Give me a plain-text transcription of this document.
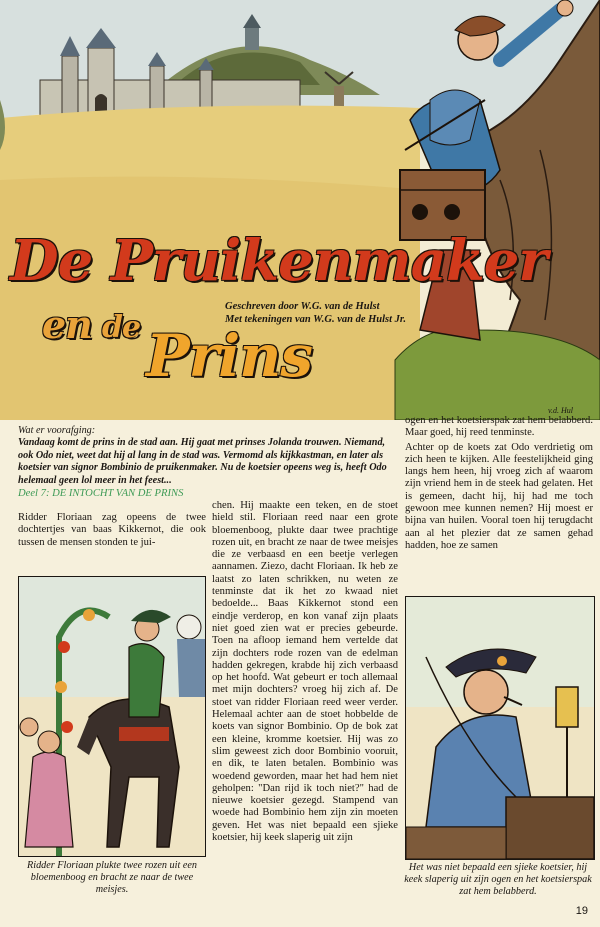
v.d. Hul
De Pruikenmaker
en de Prins
Geschreven door W.G. van de Hulst
Met tekeningen van W.G. van de Hulst Jr.
Wat er voorafging:
Vandaag komt de prins in de stad aan. Hij gaat met prinses Jolanda trouwen. Niemand, ook Odo niet, weet dat hij al lang in de stad was. Vermomd als kijkkastman, en later als koetsier van signor Bombinio de pruikenmaker. Nu de koetsier opeens weg is, heeft Odo helemaal geen lol meer in het feest...
Deel 7: DE INTOCHT VAN DE PRINS

Ridder Floriaan zag opeens de twee dochtertjes van baas Kikkernot, die ook tussen de mensen stonden te jui-

Ridder Floriaan plukte twee rozen uit een bloemenboog en bracht ze naar de twee meisjes.

chen. Hij maakte een teken, en de stoet hield stil. Floriaan reed naar een grote bloemenboog, plukte daar twee prachtige rozen uit, en bracht ze naar de twee meisjes die ze verbaasd en een beetje verlegen aannamen. Ziezo, dacht Floriaan. Ik heb ze laatst zo laten schrikken, nu weten ze tenminste dat ik het zo kwaad niet bedoelde... Baas Kikkernot stond een eindje verderop, en kon vanaf zijn plaats niet goed zien wat er precies gebeurde. Toen na afloop iemand hem vertelde dat zijn dochters rode rozen van de edelman hadden gekregen, krabde hij zich verbaasd op het hoofd. Wat gebeurt er toch allemaal met mijn dochters? vroeg hij zich af. De stoet van ridder Floriaan reed weer verder. Helemaal achter aan de stoet hobbelde de koets van signor Bombinio. Op de bok zat een kleine, kromme koetsier. Hij was zo slim geweest zich door Bombinio vooruit, en dik, te laten betalen. Bombinio was woedend geworden, maar het had hem niet geholpen: "Dan rijd ik toch niet?" had de nieuwe koetsier gezegd. Stampend van woede had Bombinio hem zijn zin moeten geven. Het was niet bepaald een sjieke koetsier, hij keek slaperig uit zijn

ogen en het koetsierspak zat hem belabberd. Maar goed, hij reed tenminste.

Achter op de koets zat Odo verdrietig om zich heen te kijken. Alle feestelijkheid ging langs hem heen, hij vroeg zich af waarom zijn vriend hem in de steek had gelaten. Het is gemeen, dacht hij, hij had me toch gewoon mee kunnen nemen? Hij moest er bijna van huilen. Vooral toen hij terugdacht aan al het plezier dat ze samen gehad hadden, hoe ze samen

Het was niet bepaald een sjieke koetsier, hij keek slaperig uit zijn ogen en het koetsierspak zat hem belabberd.
19
